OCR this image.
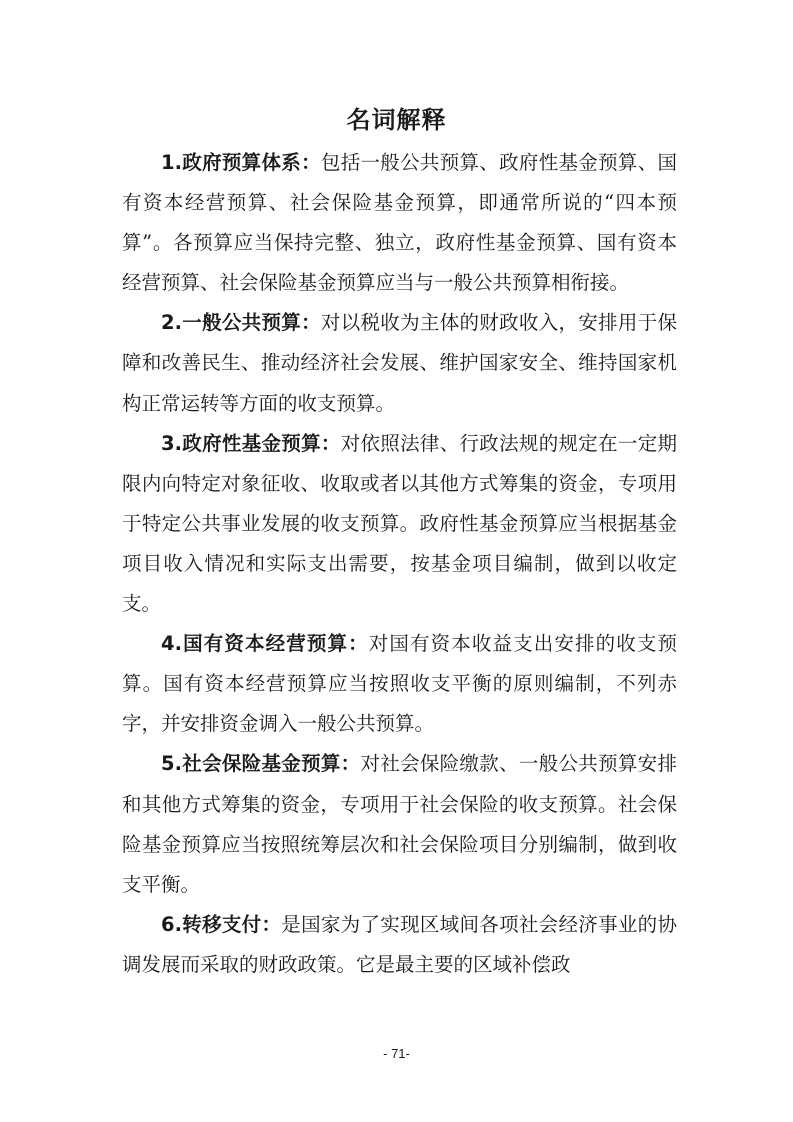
名词解释

1.政府预算体系：包括一般公共预算、政府性基金预算、国有资本经营预算、社会保险基金预算，即通常所说的“四本预算”。各预算应当保持完整、独立，政府性基金预算、国有资本经营预算、社会保险基金预算应当与一般公共预算相衔接。

2.一般公共预算：对以税收为主体的财政收入，安排用于保障和改善民生、推动经济社会发展、维护国家安全、维持国家机构正常运转等方面的收支预算。

3.政府性基金预算：对依照法律、行政法规的规定在一定期限内向特定对象征收、收取或者以其他方式筹集的资金，专项用于特定公共事业发展的收支预算。政府性基金预算应当根据基金项目收入情况和实际支出需要，按基金项目编制，做到以收定支。

4.国有资本经营预算：对国有资本收益支出安排的收支预算。国有资本经营预算应当按照收支平衡的原则编制，不列赤字，并安排资金调入一般公共预算。

5.社会保险基金预算：对社会保险缴款、一般公共预算安排和其他方式筹集的资金，专项用于社会保险的收支预算。社会保险基金预算应当按照统筹层次和社会保险项目分别编制，做到收支平衡。

6.转移支付：是国家为了实现区域间各项社会经济事业的协调发展而采取的财政政策。它是最主要的区域补偿政

- 71-
